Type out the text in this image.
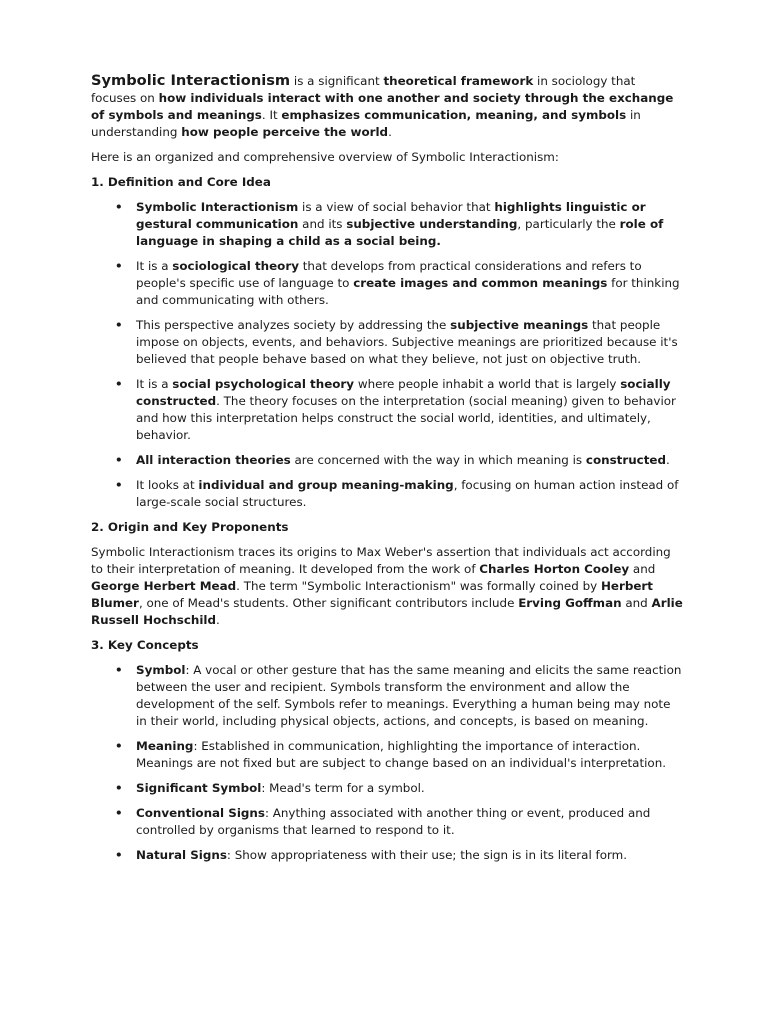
Symbolic Interactionism is a significant theoretical framework in sociology that focuses on how individuals interact with one another and society through the exchange of symbols and meanings. It emphasizes communication, meaning, and symbols in understanding how people perceive the world.

Here is an organized and comprehensive overview of Symbolic Interactionism:

1. Definition and Core Idea

• Symbolic Interactionism is a view of social behavior that highlights linguistic or gestural communication and its subjective understanding, particularly the role of language in shaping a child as a social being.
• It is a sociological theory that develops from practical considerations and refers to people's specific use of language to create images and common meanings for thinking and communicating with others.
• This perspective analyzes society by addressing the subjective meanings that people impose on objects, events, and behaviors. Subjective meanings are prioritized because it's believed that people behave based on what they believe, not just on objective truth.
• It is a social psychological theory where people inhabit a world that is largely socially constructed. The theory focuses on the interpretation (social meaning) given to behavior and how this interpretation helps construct the social world, identities, and ultimately, behavior.
• All interaction theories are concerned with the way in which meaning is constructed.
• It looks at individual and group meaning-making, focusing on human action instead of large-scale social structures.

2. Origin and Key Proponents

Symbolic Interactionism traces its origins to Max Weber's assertion that individuals act according to their interpretation of meaning. It developed from the work of Charles Horton Cooley and George Herbert Mead. The term "Symbolic Interactionism" was formally coined by Herbert Blumer, one of Mead's students. Other significant contributors include Erving Goffman and Arlie Russell Hochschild.

3. Key Concepts

• Symbol: A vocal or other gesture that has the same meaning and elicits the same reaction between the user and recipient. Symbols transform the environment and allow the development of the self. Symbols refer to meanings. Everything a human being may note in their world, including physical objects, actions, and concepts, is based on meaning.
• Meaning: Established in communication, highlighting the importance of interaction. Meanings are not fixed but are subject to change based on an individual's interpretation.
• Significant Symbol: Mead's term for a symbol.
• Conventional Signs: Anything associated with another thing or event, produced and controlled by organisms that learned to respond to it.
• Natural Signs: Show appropriateness with their use; the sign is in its literal form.
